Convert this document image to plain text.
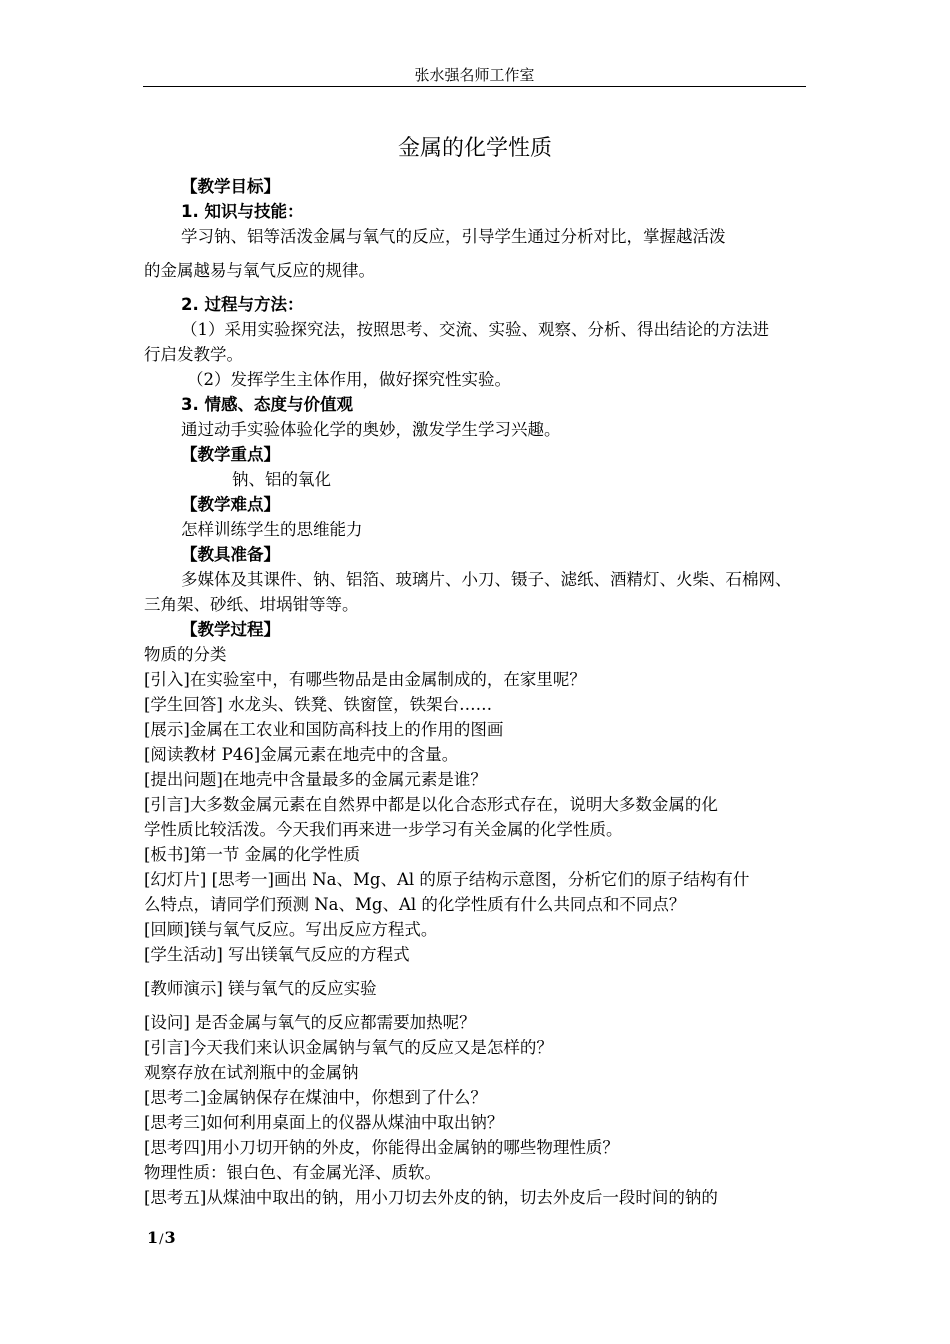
张水强名师工作室
金属的化学性质
【教学目标】
1. 知识与技能：
学习钠、铝等活泼金属与氧气的反应，引导学生通过分析对比，掌握越活泼
的金属越易与氧气反应的规律。
2. 过程与方法：
（1）采用实验探究法，按照思考、交流、实验、观察、分析、得出结论的方法进
行启发教学。
（2）发挥学生主体作用，做好探究性实验。
3. 情感、态度与价值观
通过动手实验体验化学的奥妙，激发学生学习兴趣。
【教学重点】
钠、铝的氧化
【教学难点】
怎样训练学生的思维能力
【教具准备】
多媒体及其课件、钠、铝箔、玻璃片、小刀、镊子、滤纸、酒精灯、火柴、石棉网、
三角架、砂纸、坩埚钳等等。
【教学过程】
物质的分类
[引入]在实验室中，有哪些物品是由金属制成的，在家里呢？
[学生回答] 水龙头、铁凳、铁窗筐，铁架台……
[展示]金属在工农业和国防高科技上的作用的图画
[阅读教材 P46]金属元素在地壳中的含量。
[提出问题]在地壳中含量最多的金属元素是谁？
[引言]大多数金属元素在自然界中都是以化合态形式存在，说明大多数金属的化
学性质比较活泼。今天我们再来进一步学习有关金属的化学性质。
[板书]第一节 金属的化学性质
[幻灯片] [思考一]画出 Na、Mg、Al 的原子结构示意图，分析它们的原子结构有什
么特点，请同学们预测 Na、Mg、Al 的化学性质有什么共同点和不同点？
[回顾]镁与氧气反应。写出反应方程式。
[学生活动] 写出镁氧气反应的方程式
[教师演示] 镁与氧气的反应实验
[设问] 是否金属与氧气的反应都需要加热呢？
[引言]今天我们来认识金属钠与氧气的反应又是怎样的？
观察存放在试剂瓶中的金属钠
[思考二]金属钠保存在煤油中，你想到了什么？
[思考三]如何利用桌面上的仪器从煤油中取出钠？
[思考四]用小刀切开钠的外皮，你能得出金属钠的哪些物理性质？
物理性质：银白色、有金属光泽、质软。
[思考五]从煤油中取出的钠，用小刀切去外皮的钠，切去外皮后一段时间的钠的
1/3
